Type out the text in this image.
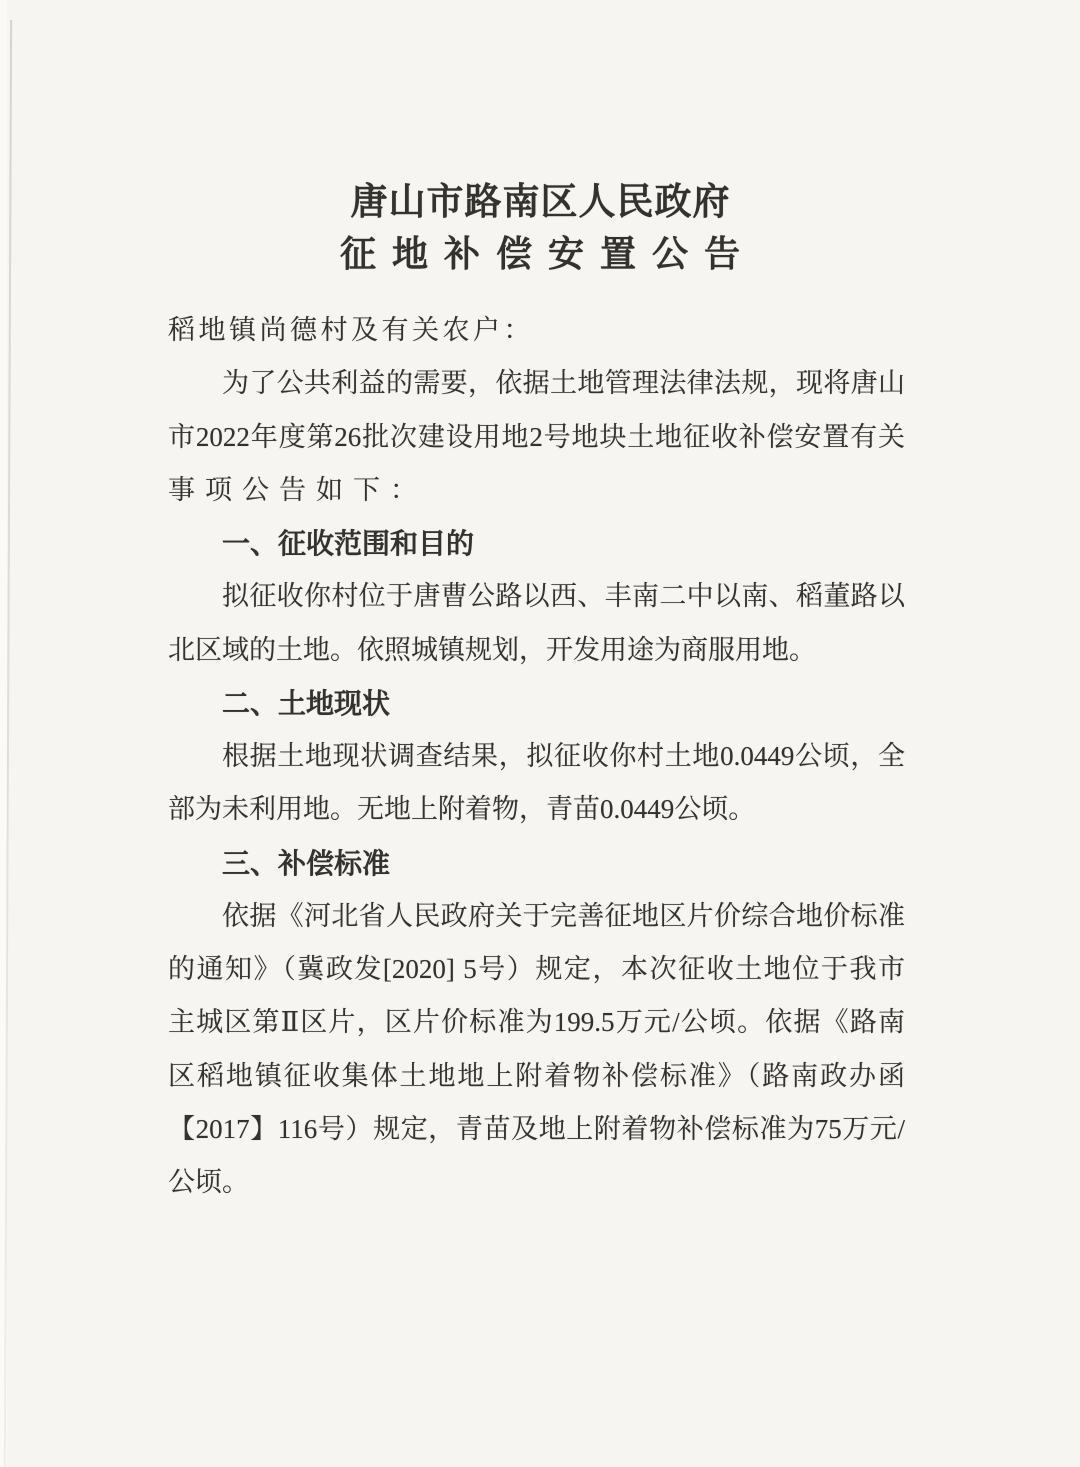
唐山市路南区人民政府
征地补偿安置公告
稻地镇尚德村及有关农户：
为了公共利益的需要，依据土地管理法律法规，现将唐山
市2022年度第26批次建设用地2号地块土地征收补偿安置有关
事项公告如下：
一、征收范围和目的
拟征收你村位于唐曹公路以西、丰南二中以南、稻董路以
北区域的土地。依照城镇规划，开发用途为商服用地。
二、土地现状
根据土地现状调查结果，拟征收你村土地0.0449公顷，全
部为未利用地。无地上附着物，青苗0.0449公顷。
三、补偿标准
依据《河北省人民政府关于完善征地区片价综合地价标准
的通知》（冀政发[2020] 5号）规定，本次征收土地位于我市
主城区第Ⅱ区片，区片价标准为199.5万元/公顷。依据《路南
区稻地镇征收集体土地地上附着物补偿标准》（路南政办函
【2017】116号）规定，青苗及地上附着物补偿标准为75万元/
公顷。
